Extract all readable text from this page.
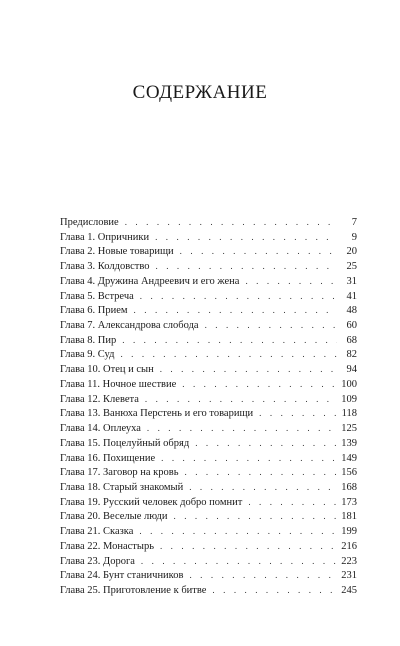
СОДЕРЖАНИЕ
Предисловие . . .	7
Глава 1. Опричники . . .	9
Глава 2. Новые товарищи . . .	20
Глава 3. Колдовство . . .	25
Глава 4. Дружина Андреевич и его жена . . .	31
Глава 5. Встреча . . .	41
Глава 6. Прием . . .	48
Глава 7. Александрова слобода . . .	60
Глава 8. Пир . . .	68
Глава 9. Суд . . .	82
Глава 10. Отец и сын . . .	94
Глава 11. Ночное шествие . . .	100
Глава 12. Клевета . . .	109
Глава 13. Ванюха Перстень и его товарищи . . .	118
Глава 14. Оплеуха . . .	125
Глава 15. Поцелуйный обряд . . .	139
Глава 16. Похищение . . .	149
Глава 17. Заговор на кровь . . .	156
Глава 18. Старый знакомый . . .	168
Глава 19. Русский человек добро помнит . . .	173
Глава 20. Веселые люди . . .	181
Глава 21. Сказка . . .	199
Глава 22. Монастырь . . .	216
Глава 23. Дорога . . .	223
Глава 24. Бунт станичников . . .	231
Глава 25. Приготовление к битве . . .	245
